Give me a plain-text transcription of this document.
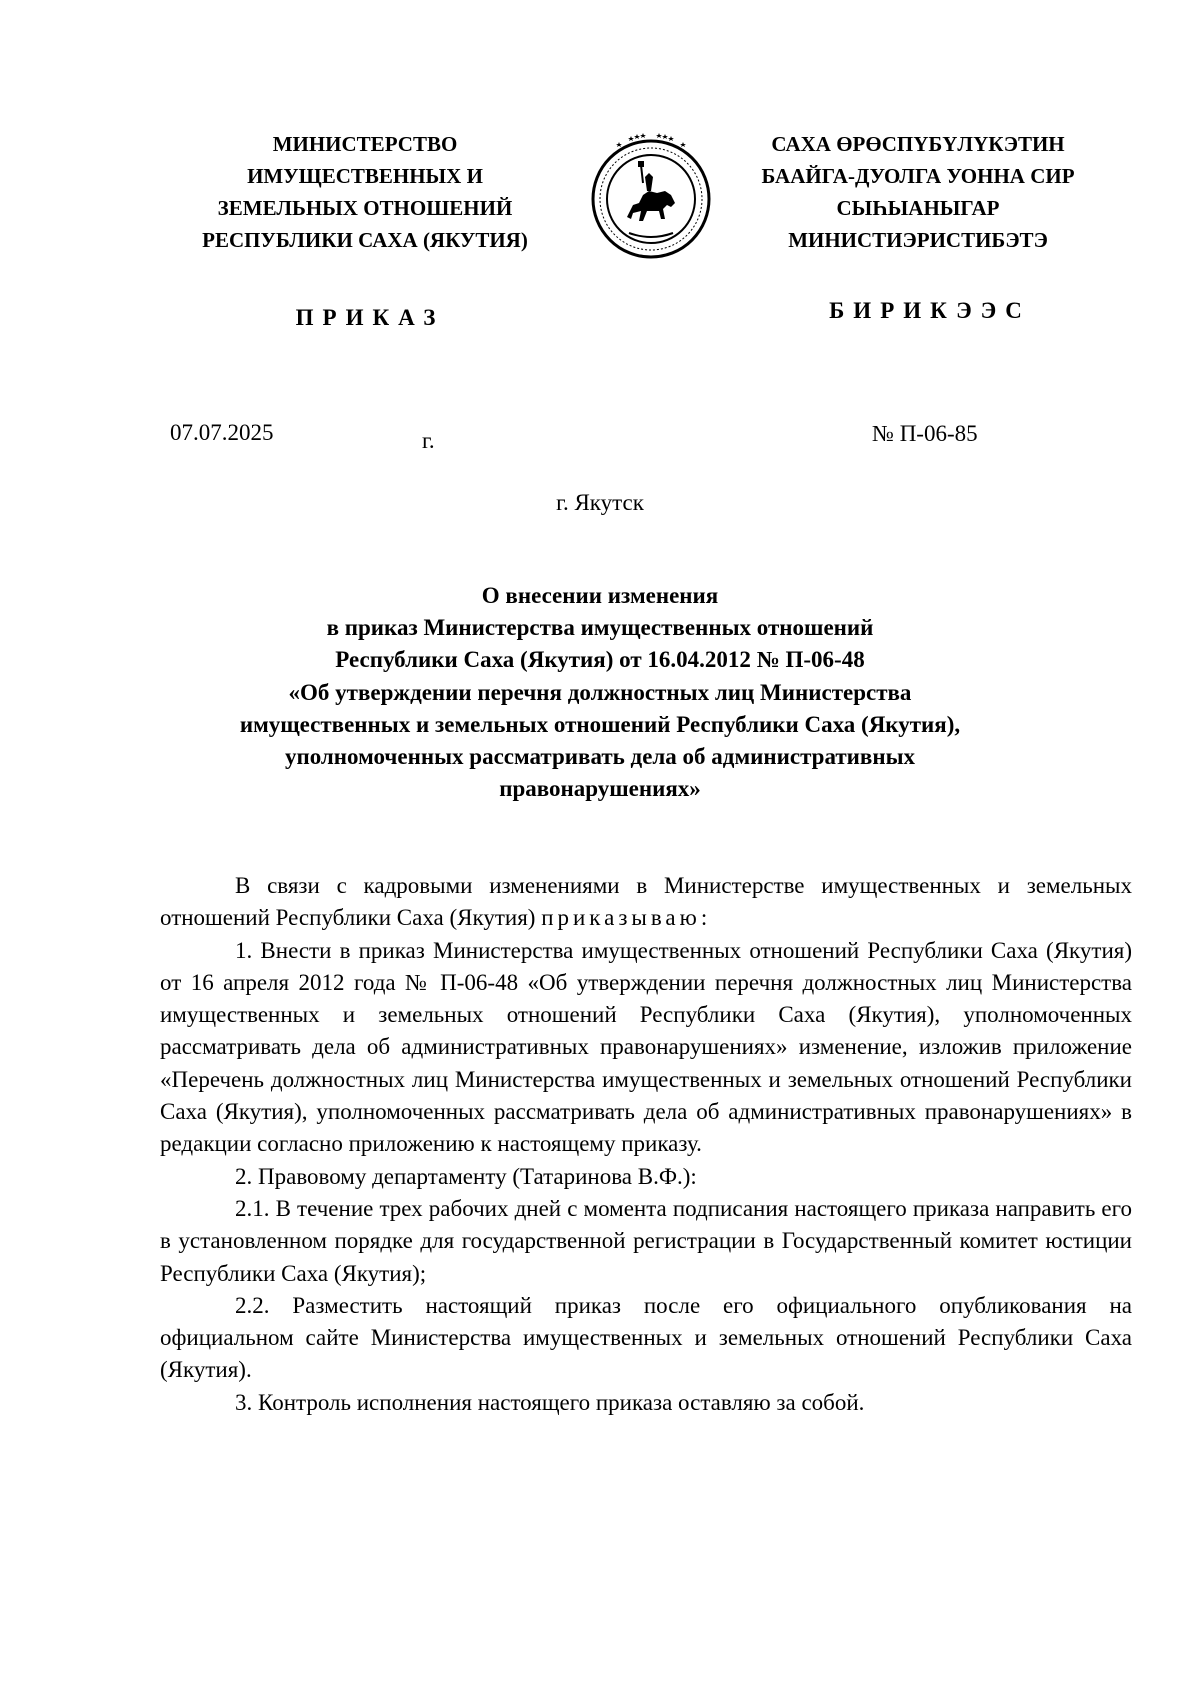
МИНИСТЕРСТВО
ИМУЩЕСТВЕННЫХ И
ЗЕМЕЛЬНЫХ ОТНОШЕНИЙ
РЕСПУБЛИКИ САХА (ЯКУТИЯ)
САХА ӨРӨСПҮБҮЛҮКЭТИН
БААЙГА-ДУОЛГА УОННА СИР
СЫҺЫАНЫГАР
МИНИСТИЭРИСТИБЭТЭ
ПРИКАЗ	БИРИКЭЭС
07.07.2025	г.	№ П-06-85
г. Якутск
О внесении изменения
в приказ Министерства имущественных отношений
Республики Саха (Якутия) от 16.04.2012 № П-06-48
«Об утверждении перечня должностных лиц Министерства
имущественных и земельных отношений Республики Саха (Якутия),
уполномоченных рассматривать дела об административных
правонарушениях»

В связи с кадровыми изменениями в Министерстве имущественных и земельных отношений Республики Саха (Якутия) приказываю:

1. Внести в приказ Министерства имущественных отношений Республики Саха (Якутия) от 16 апреля 2012 года № П-06-48 «Об утверждении перечня должностных лиц Министерства имущественных и земельных отношений Республики Саха (Якутия), уполномоченных рассматривать дела об административных правонарушениях» изменение, изложив приложение «Перечень должностных лиц Министерства имущественных и земельных отношений Республики Саха (Якутия), уполномоченных рассматривать дела об административных правонарушениях» в редакции согласно приложению к настоящему приказу.

2. Правовому департаменту (Татаринова В.Ф.):

2.1. В течение трех рабочих дней с момента подписания настоящего приказа направить его в установленном порядке для государственной регистрации в Государственный комитет юстиции Республики Саха (Якутия);

2.2. Разместить настоящий приказ после его официального опубликования на официальном сайте Министерства имущественных и земельных отношений Республики Саха (Якутия).

3. Контроль исполнения настоящего приказа оставляю за собой.
